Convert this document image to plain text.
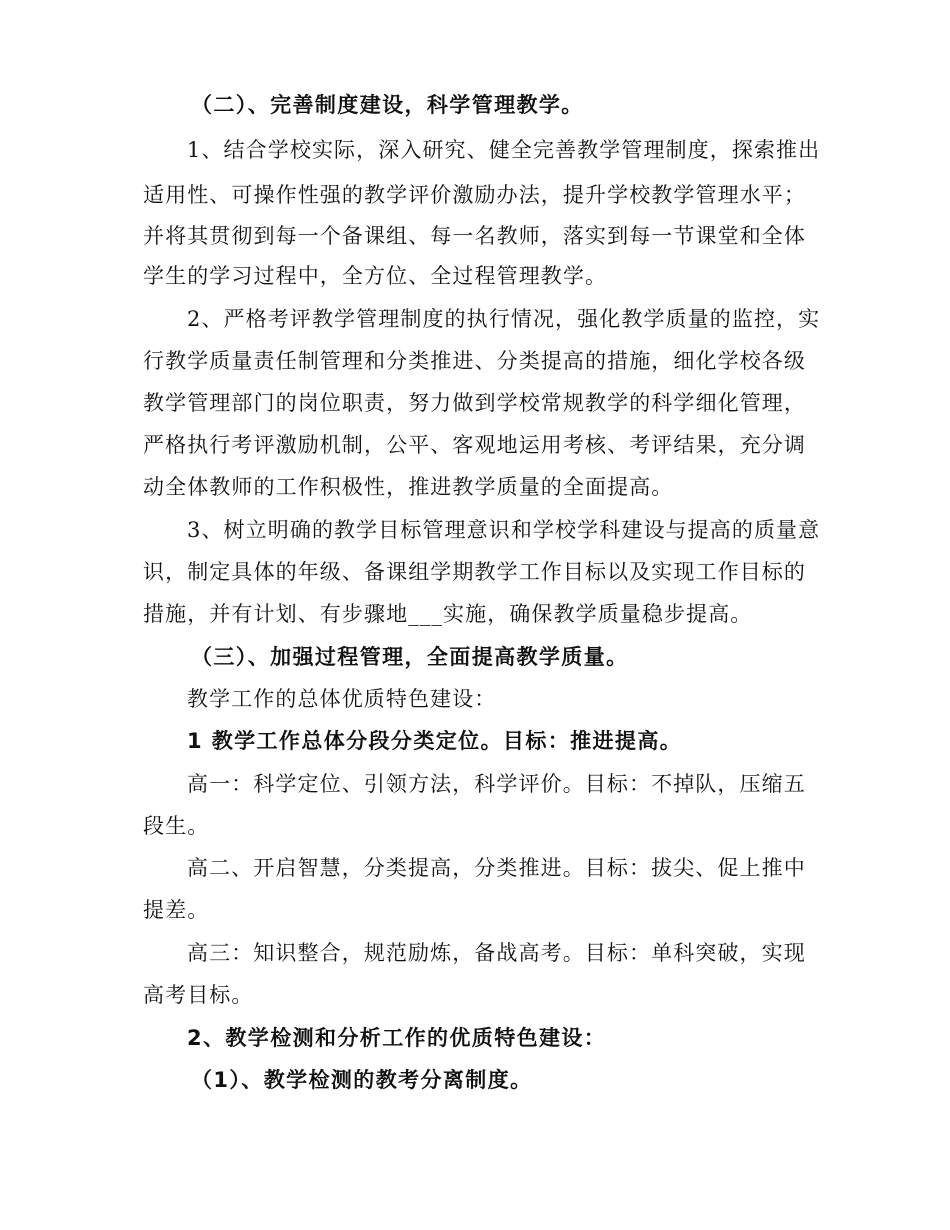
（二）、完善制度建设，科学管理教学。
1、结合学校实际，深入研究、健全完善教学管理制度，探索推出
适用性、可操作性强的教学评价激励办法，提升学校教学管理水平；
并将其贯彻到每一个备课组、每一名教师，落实到每一节课堂和全体
学生的学习过程中，全方位、全过程管理教学。
2、严格考评教学管理制度的执行情况，强化教学质量的监控，实
行教学质量责任制管理和分类推进、分类提高的措施，细化学校各级
教学管理部门的岗位职责，努力做到学校常规教学的科学细化管理，
严格执行考评激励机制，公平、客观地运用考核、考评结果，充分调
动全体教师的工作积极性，推进教学质量的全面提高。
3、树立明确的教学目标管理意识和学校学科建设与提高的质量意
识，制定具体的年级、备课组学期教学工作目标以及实现工作目标的
措施，并有计划、有步骤地___实施，确保教学质量稳步提高。
（三）、加强过程管理，全面提高教学质量。
教学工作的总体优质特色建设：
1 教学工作总体分段分类定位。目标：推进提高。
高一：科学定位、引领方法，科学评价。目标：不掉队，压缩五
段生。
高二、开启智慧，分类提高，分类推进。目标：拔尖、促上推中
提差。
高三：知识整合，规范励炼，备战高考。目标：单科突破，实现
高考目标。
2、教学检测和分析工作的优质特色建设：
（1）、教学检测的教考分离制度。
